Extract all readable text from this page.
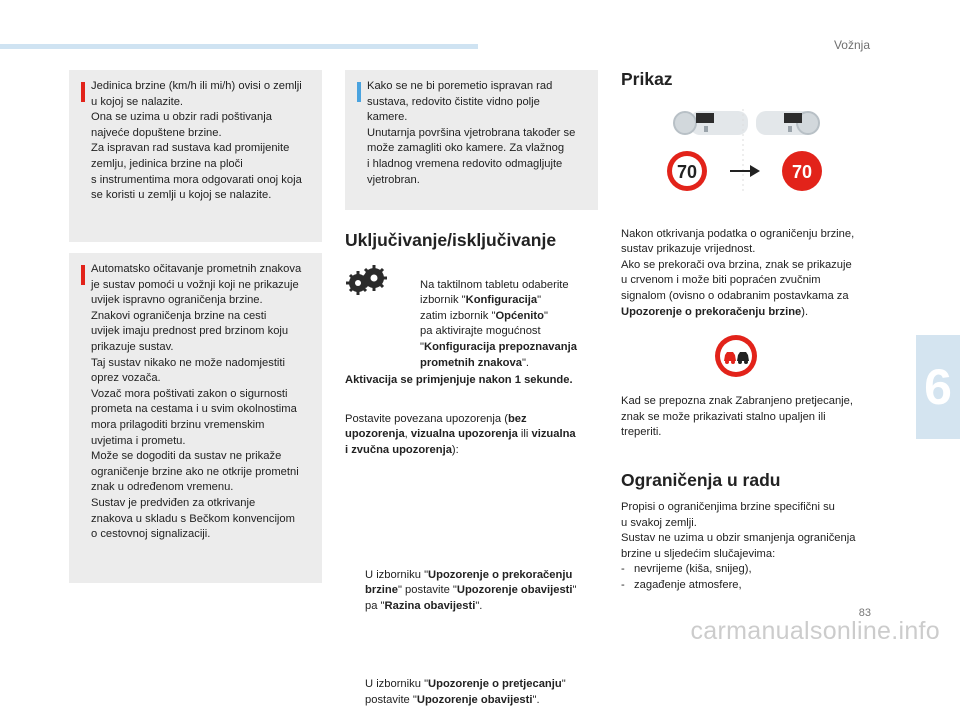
Vožnja
6
83
carmanualsonline.info
Jedinica brzine (km/h ili mi/h) ovisi o zemlji
u kojoj se nalazite.
Ona se uzima u obzir radi poštivanja
najveće dopuštene brzine.
Za ispravan rad sustava kad promijenite
zemlju, jedinica brzine na ploči
s instrumentima mora odgovarati onoj koja
se koristi u zemlji u kojoj se nalazite.
Automatsko očitavanje prometnih znakova
je sustav pomoći u vožnji koji ne prikazuje
uvijek ispravno ograničenja brzine.
Znakovi ograničenja brzine na cesti
uvijek imaju prednost pred brzinom koju
prikazuje sustav.
Taj sustav nikako ne može nadomjestiti
oprez vozača.
Vozač mora poštivati zakon o sigurnosti
prometa na cestama i u svim okolnostima
mora prilagoditi brzinu vremenskim
uvjetima i prometu.
Može se dogoditi da sustav ne prikaže
ograničenje brzine ako ne otkrije prometni
znak u određenom vremenu.
Sustav je predviđen za otkrivanje
znakova u skladu s Bečkom konvencijom
o cestovnoj signalizaciji.
Kako se ne bi poremetio ispravan rad
sustava, redovito čistite vidno polje
kamere.
Unutarnja površina vjetrobrana također se
može zamagliti oko kamere. Za vlažnog
i hladnog vremena redovito odmagljujte
vjetrobran.
Uključivanje/isključivanje

Na taktilnom tabletu odaberite
izbornik "Konfiguracija"
zatim izbornik "Općenito"
pa aktivirajte mogućnost
"Konfiguracija prepoznavanja
prometnih znakova".

Aktivacija se primjenjuje nakon 1 sekunde.

Postavite povezana upozorenja (bez
upozorenja, vizualna upozorenja ili vizualna
i zvučna upozorenja):

U izborniku "Upozorenje o prekoračenju
brzine" postavite "Upozorenje obavijesti"
pa "Razina obavijesti".

U izborniku "Upozorenje o pretjecanju"
postavite "Upozorenje obavijesti".

Prikaz
70	70

Nakon otkrivanja podatka o ograničenju brzine,
sustav prikazuje vrijednost.
Ako se prekorači ova brzina, znak se prikazuje
u crvenom i može biti popraćen zvučnim
signalom (ovisno o odabranim postavkama za
Upozorenje o prekoračenju brzine).

Kad se prepozna znak Zabranjeno pretjecanje,
znak se može prikazivati stalno upaljen ili
treperiti.
Ograničenja u radu
Propisi o ograničenjima brzine specifični su
u svakoj zemlji.
Sustav ne uzima u obzir smanjenja ograničenja
brzine u sljedećim slučajevima:
-   nevrijeme (kiša, snijeg),
-   zagađenje atmosfere,
